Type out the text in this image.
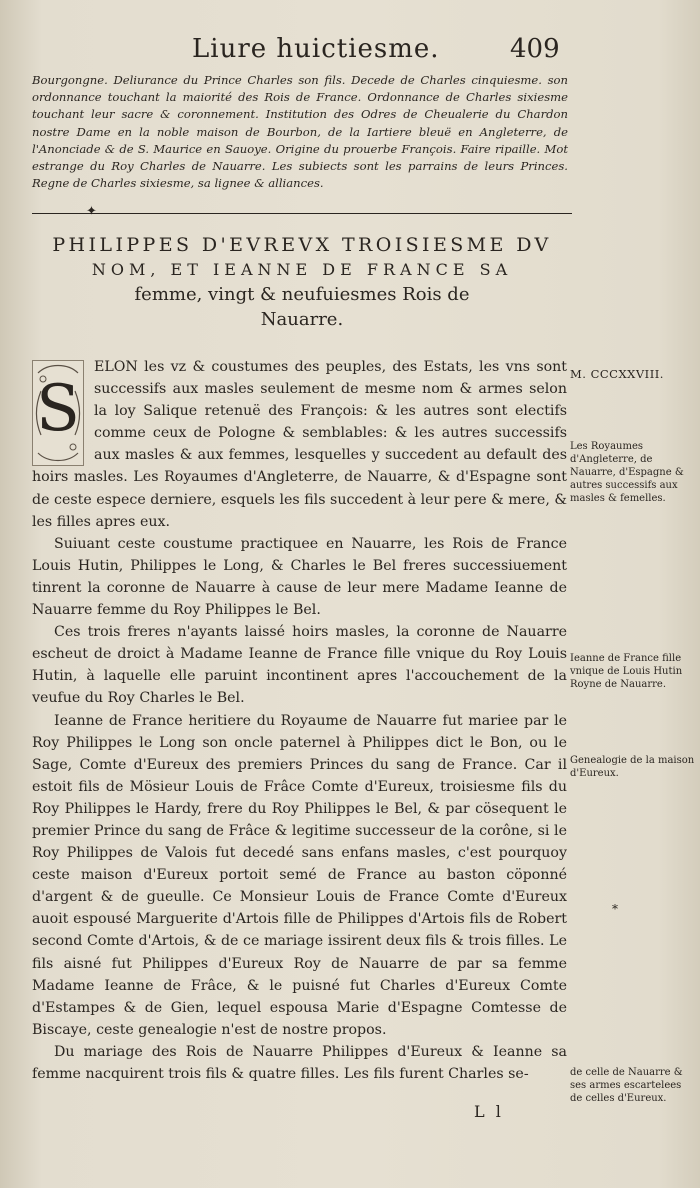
Liure huictiesme.	409

Bourgongne. Deliurance du Prince Charles son fils. Decede de Charles cinquiesme. son ordonnance touchant la maiorité des Rois de France. Ordonnance de Charles sixiesme touchant leur sacre & coronnement. Institution des Odres de Cheualerie du Chardon nostre Dame en la noble maison de Bourbon, de la Iartiere bleuë en Angleterre, de l'Anonciade & de S. Maurice en Sauoye. Origine du prouerbe François. Faire ripaille. Mot estrange du Roy Charles de Nauarre. Les subiects sont les parrains de leurs Princes. Regne de Charles sixiesme, sa lignee & alliances.

✦
PHILIPPES D'EVREVX TROISIESME DV
NOM, ET IEANNE DE FRANCE SA
femme, vingt & neufuiesmes Rois de
Nauarre.

S
ELON les vz & coustumes des peuples, des Estats, les vns sont successifs aux masles seulement de mesme nom & armes selon la loy Salique retenuë des François: & les autres sont electifs comme ceux de Pologne & semblables: & les autres successifs aux masles & aux femmes, lesquelles y succedent au default des hoirs masles. Les Royaumes d'Angleterre, de Nauarre, & d'Espagne sont de ceste espece derniere, esquels les fils succedent à leur pere & mere, & les filles apres eux.

Suiuant ceste coustume practiquee en Nauarre, les Rois de France Louis Hutin, Philippes le Long, & Charles le Bel freres successiuement tinrent la coronne de Nauarre à cause de leur mere Madame Ieanne de Nauarre femme du Roy Philippes le Bel.

Ces trois freres n'ayants laissé hoirs masles, la coronne de Nauarre escheut de droict à Madame Ieanne de France fille vnique du Roy Louis Hutin, à laquelle elle paruint incontinent apres l'accouchement de la veufue du Roy Charles le Bel.

Ieanne de France heritiere du Royaume de Nauarre fut mariee par le Roy Philippes le Long son oncle paternel à Philippes dict le Bon, ou le Sage, Comte d'Eureux des premiers Princes du sang de France. Car il estoit fils de Mösieur Louis de Frâce Comte d'Eureux, troisiesme fils du Roy Philippes le Hardy, frere du Roy Philippes le Bel, & par cösequent le premier Prince du sang de Frâce & legitime successeur de la corône, si le Roy Philippes de Valois fut decedé sans enfans masles, c'est pourquoy ceste maison d'Eureux portoit semé de France au baston cöponné d'argent & de gueulle. Ce Monsieur Louis de France Comte d'Eureux auoit espousé Marguerite d'Artois fille de Philippes d'Artois fils de Robert second Comte d'Artois, & de ce mariage issirent deux fils & trois filles. Le fils aisné fut Philippes d'Eureux Roy de Nauarre de par sa femme Madame Ieanne de Frâce, & le puisné fut Charles d'Eureux Comte d'Estampes & de Gien, lequel espousa Marie d'Espagne Comtesse de Biscaye, ceste genealogie n'est de nostre propos.

Du mariage des Rois de Nauarre Philippes d'Eureux & Ieanne sa femme nacquirent trois fils & quatre filles. Les fils furent Charles se-

M. CCCXXVIII.
Les Royaumes d'Angleterre, de Nauarre, d'Espagne & autres successifs aux masles & femelles.
Ieanne de France fille vnique de Louis Hutin Royne de Nauarre.
Genealogie de la maison d'Eureux.
de celle de Nauarre & ses armes escartelees de celles d'Eureux.
*
L l
